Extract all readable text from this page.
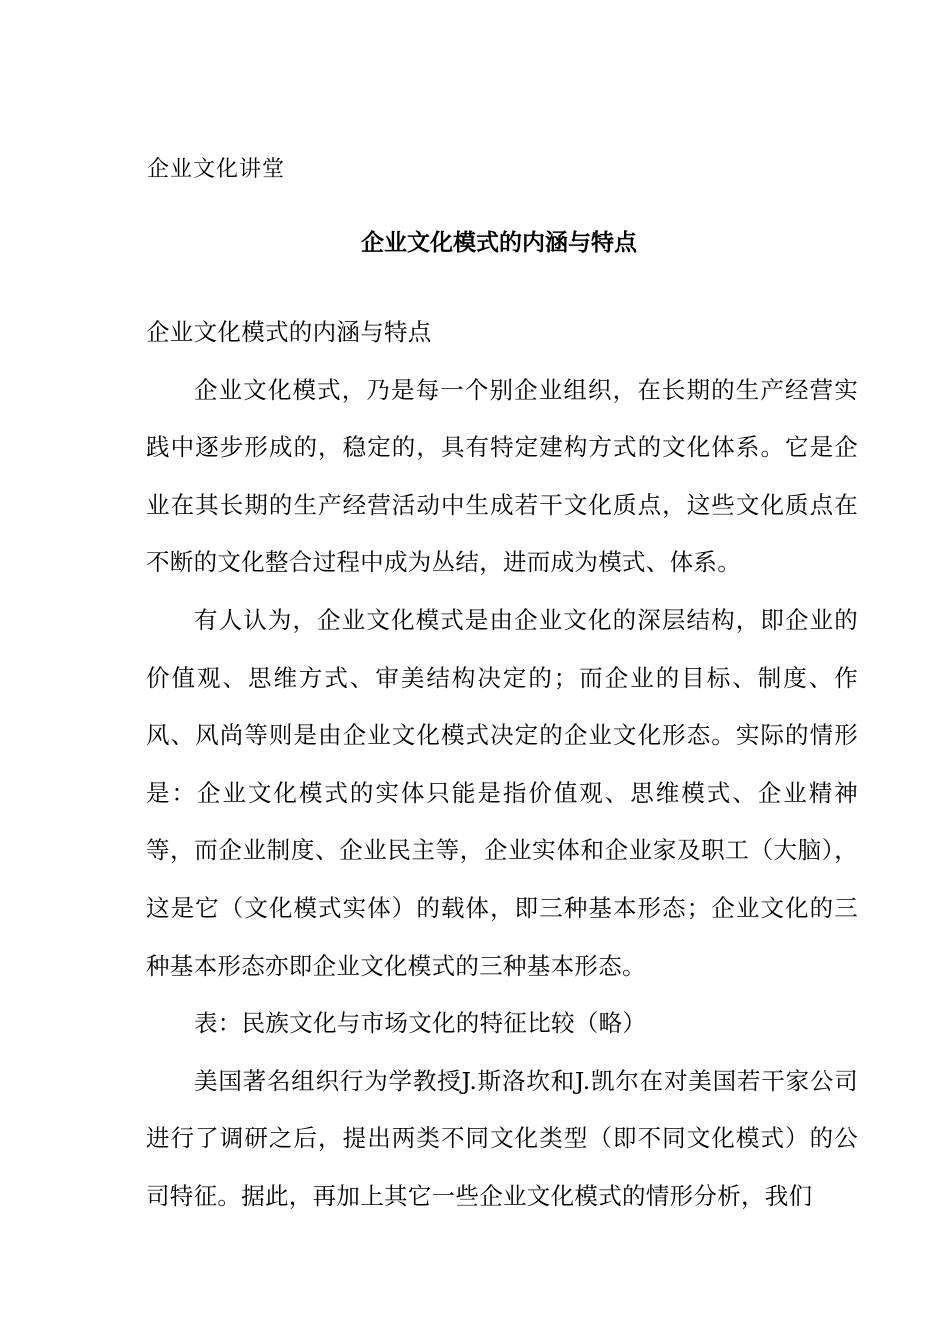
企业文化讲堂
企业文化模式的内涵与特点

企业文化模式的内涵与特点

企业文化模式，乃是每一个别企业组织，在长期的生产经营实践中逐步形成的，稳定的，具有特定建构方式的文化体系。它是企业在其长期的生产经营活动中生成若干文化质点，这些文化质点在不断的文化整合过程中成为丛结，进而成为模式、体系。

有人认为，企业文化模式是由企业文化的深层结构，即企业的价值观、思维方式、审美结构决定的；而企业的目标、制度、作风、风尚等则是由企业文化模式决定的企业文化形态。实际的情形是：企业文化模式的实体只能是指价值观、思维模式、企业精神等，而企业制度、企业民主等，企业实体和企业家及职工（大脑），这是它（文化模式实体）的载体，即三种基本形态；企业文化的三种基本形态亦即企业文化模式的三种基本形态。

表：民族文化与市场文化的特征比较（略）

美国著名组织行为学教授J.斯洛坎和J.凯尔在对美国若干家公司进行了调研之后，提出两类不同文化类型（即不同文化模式）的公司特征。据此，再加上其它一些企业文化模式的情形分析，我们
